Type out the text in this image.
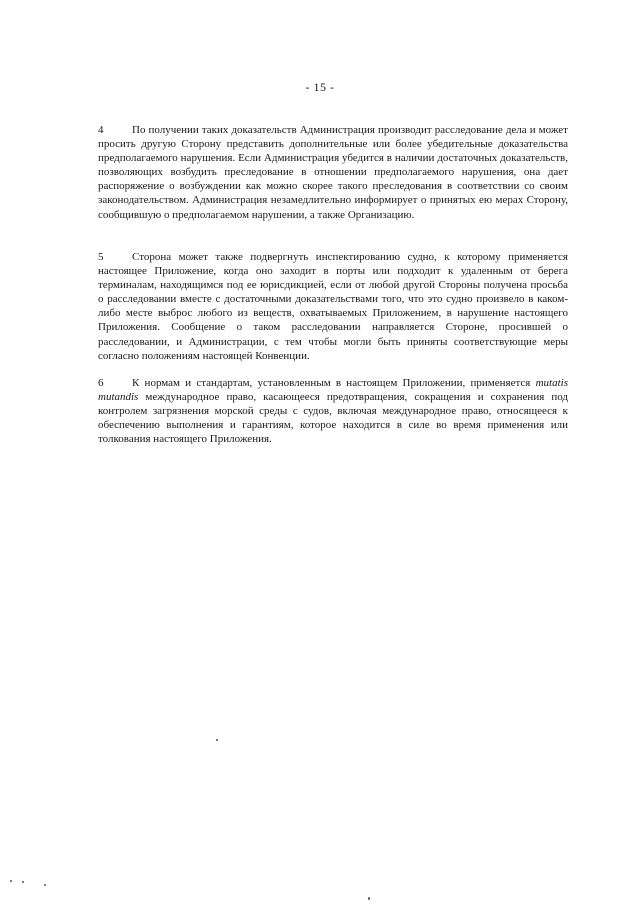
- 15 -
4	По получении таких доказательств Администрация производит расследование дела и может просить другую Сторону представить дополнительные или более убедительные доказательства предполагаемого нарушения. Если Администрация убедится в наличии достаточных доказательств, позволяющих возбудить преследование в отношении предполагаемого нарушения, она дает распоряжение о возбуждении как можно скорее такого преследования в соответствии со своим законодательством. Администрация незамедлительно информирует о принятых ею мерах Сторону, сообщившую о предполагаемом нарушении, а также Организацию.
5	Сторона может также подвергнуть инспектированию судно, к которому применяется настоящее Приложение, когда оно заходит в порты или подходит к удаленным от берега терминалам, находящимся под ее юрисдикцией, если от любой другой Стороны получена просьба о расследовании вместе с достаточными доказательствами того, что это судно произвело в каком-либо месте выброс любого из веществ, охватываемых Приложением, в нарушение настоящего Приложения. Сообщение о таком расследовании направляется Стороне, просившей о расследовании, и Администрации, с тем чтобы могли быть приняты соответствующие меры согласно положениям настоящей Конвенции.
6	К нормам и стандартам, установленным в настоящем Приложении, применяется mutatis mutandis международное право, касающееся предотвращения, сокращения и сохранения под контролем загрязнения морской среды с судов, включая международное право, относящееся к обеспечению выполнения и гарантиям, которое находится в силе во время применения или толкования настоящего Приложения.
